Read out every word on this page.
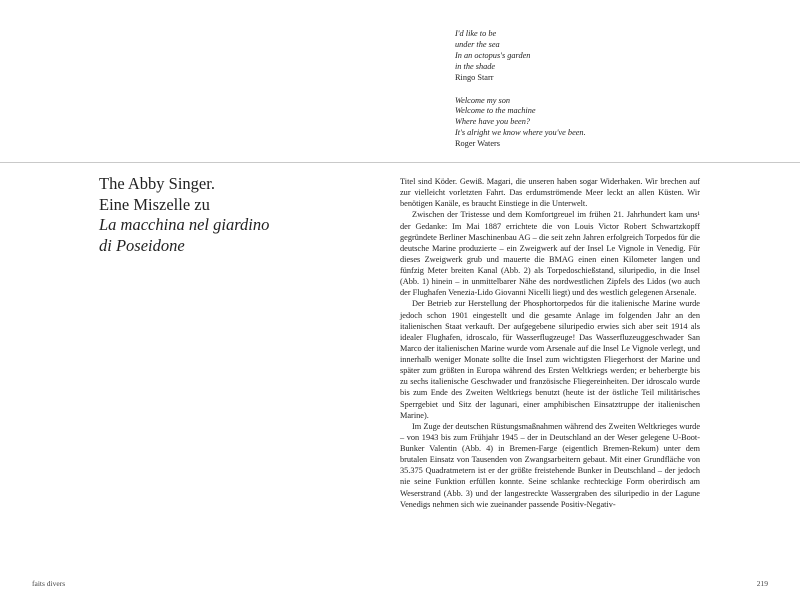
I'd like to be
under the sea
In an octopus's garden
in the shade
Ringo Starr
Welcome my son
Welcome to the machine
Where have you been?
It's alright we know where you've been.
Roger Waters
The Abby Singer.
Eine Miszelle zu
La macchina nel giardino
di Poseidone

Titel sind Köder. Gewiß. Magari, die unseren haben sogar Widerhaken. Wir brechen auf zur vielleicht vorletzten Fahrt. Das erdumströmende Meer leckt an allen Küsten. Wir benötigen Kanäle, es braucht Einstiege in die Unterwelt.

Zwischen der Tristesse und dem Komfortgreuel im frühen 21. Jahrhundert kam uns¹ der Gedanke: Im Mai 1887 errichtete die von Louis Victor Robert Schwartzkopff gegründete Berliner Maschinenbau AG – die seit zehn Jahren erfolgreich Torpedos für die deutsche Marine produzierte – ein Zweigwerk auf der Insel Le Vignole in Venedig. Für dieses Zweigwerk grub und mauerte die BMAG einen einen Kilometer langen und fünfzig Meter breiten Kanal (Abb. 2) als Torpedoschießstand, siluripedio, in die Insel (Abb. 1) hinein – in unmittelbarer Nähe des nordwestlichen Zipfels des Lidos (wo auch der Flughafen Venezia-Lido Giovanni Nicelli liegt) und des westlich gelegenen Arsenale.

Der Betrieb zur Herstellung der Phosphortorpedos für die italienische Marine wurde jedoch schon 1901 eingestellt und die gesamte Anlage im folgenden Jahr an den italienischen Staat verkauft. Der aufgegebene siluripedio erwies sich aber seit 1914 als idealer Flughafen, idroscalo, für Wasserflugzeuge! Das Wasserfluzeuggeschwader San Marco der italienischen Marine wurde vom Arsenale auf die Insel Le Vignole verlegt, und innerhalb weniger Monate sollte die Insel zum wichtigsten Fliegerhorst der Marine und später zum größten in Europa während des Ersten Weltkriegs werden; er beherbergte bis zu sechs italienische Geschwader und französische Fliegereinheiten. Der idroscalo wurde bis zum Ende des Zweiten Weltkriegs benutzt (heute ist der östliche Teil militärisches Sperrgebiet und Sitz der lagunari, einer amphibischen Einsatztruppe der italienischen Marine).

Im Zuge der deutschen Rüstungsmaßnahmen während des Zweiten Weltkrieges wurde – von 1943 bis zum Frühjahr 1945 – der in Deutschland an der Weser gelegene U-Boot-Bunker Valentin (Abb. 4) in Bremen-Farge (eigentlich Bremen-Rekum) unter dem brutalen Einsatz von Tausenden von Zwangsarbeitern gebaut. Mit einer Grundfläche von 35.375 Quadratmetern ist er der größte freistehende Bunker in Deutschland – der jedoch nie seine Funktion erfüllen konnte. Seine schlanke rechteckige Form oberirdisch am Weserstrand (Abb. 3) und der langestreckte Wassergraben des siluripedio in der Lagune Venedigs nehmen sich wie zueinander passende Positiv-Negativ-

faits divers	219
